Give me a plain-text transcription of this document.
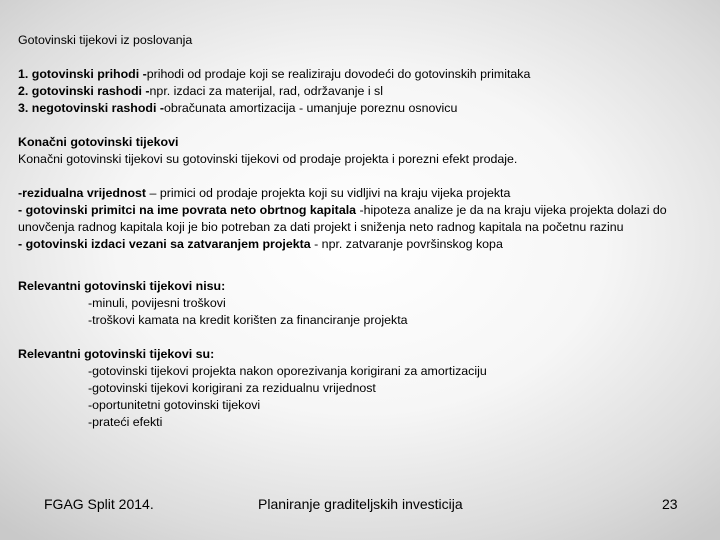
Gotovinski tijekovi iz poslovanja
1. gotovinski prihodi -prihodi od prodaje koji se realiziraju dovodeći do gotovinskih primitaka
2. gotovinski rashodi -npr. izdaci za materijal, rad, održavanje i sl
3. negotovinski rashodi -obračunata amortizacija - umanjuje poreznu osnovicu
Konačni gotovinski tijekovi
Konačni gotovinski tijekovi su gotovinski tijekovi od prodaje projekta i porezni efekt prodaje.
-rezidualna vrijednost – primici od prodaje projekta koji su vidljivi na kraju vijeka projekta
- gotovinski primitci na ime povrata neto obrtnog kapitala -hipoteza analize je da na kraju vijeka projekta dolazi do unovčenja radnog kapitala koji je bio potreban za dati projekt i sniženja neto radnog kapitala na početnu razinu
- gotovinski izdaci vezani sa zatvaranjem projekta - npr. zatvaranje površinskog kopa
Relevantni gotovinski tijekovi nisu:
-minuli, povijesni troškovi
-troškovi kamata na kredit korišten za financiranje projekta
Relevantni gotovinski tijekovi su:
-gotovinski tijekovi projekta nakon oporezivanja korigirani za amortizaciju
-gotovinski tijekovi korigirani za rezidualnu vrijednost
-oportunitetni gotovinski tijekovi
-prateći efekti
FGAG Split 2014.	Planiranje graditeljskih investicija	23
